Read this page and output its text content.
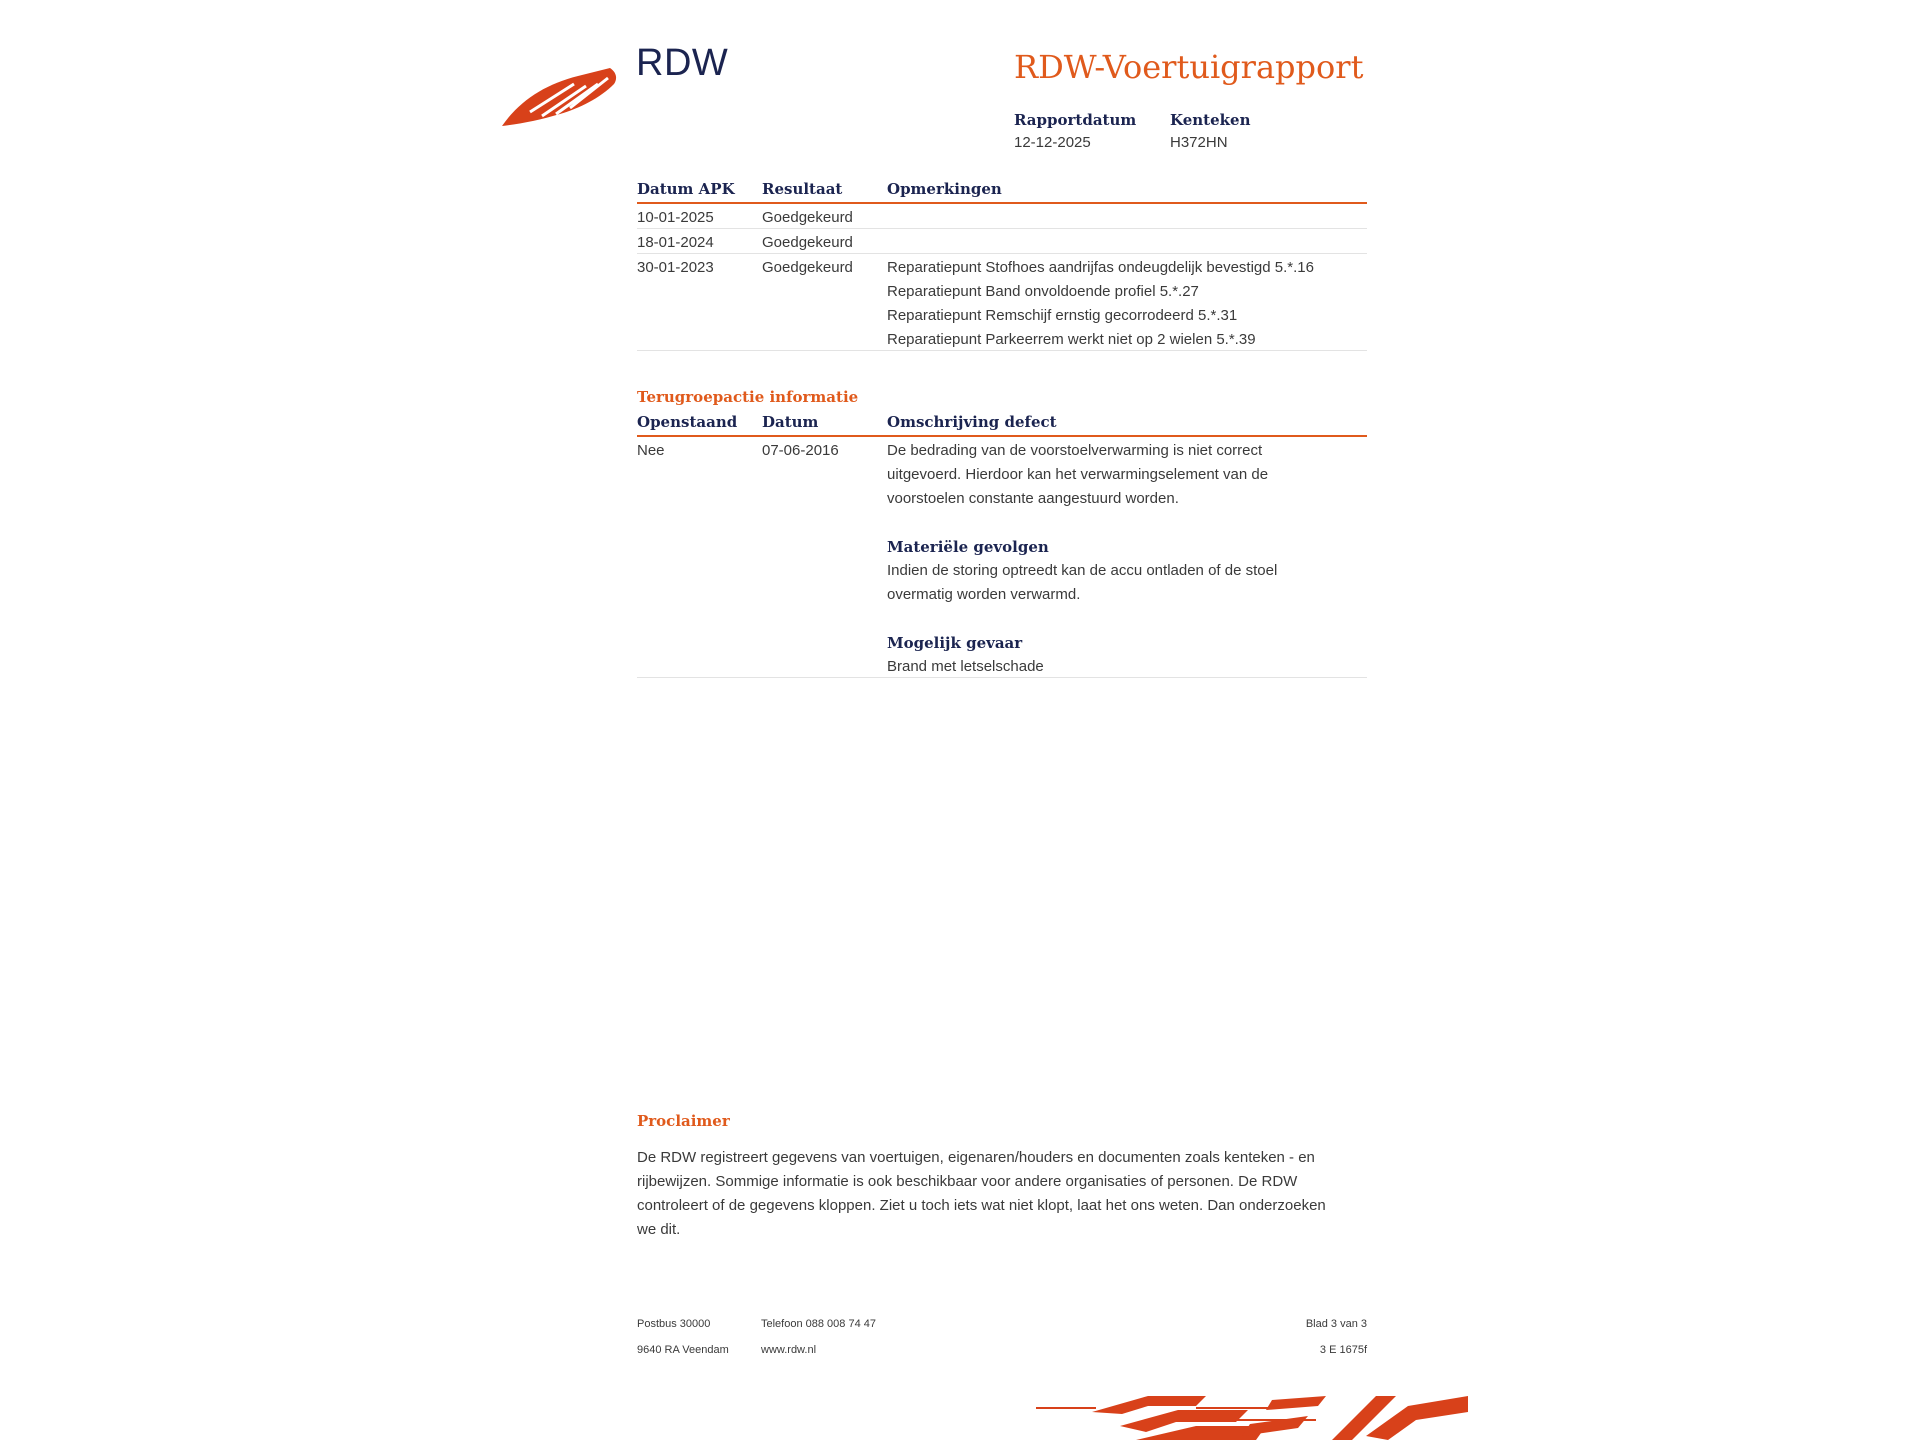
RDW	RDW-Voertuigrapport
Rapportdatum
12-12-2025
Kenteken
H372HN
Datum APK Resultaat	Opmerkingen
10-01-2025	Goedgekeurd
18-01-2024	Goedgekeurd
30-01-2023	Goedgekeurd Reparatiepunt Stofhoes aandrijfas ondeugdelijk bevestigd 5.*.16
Reparatiepunt Band onvoldoende profiel 5.*.27
Reparatiepunt Remschijf ernstig gecorrodeerd 5.*.31
Reparatiepunt Parkeerrem werkt niet op 2 wielen 5.*.39
Terugroepactie informatie
Openstaand Datum	Omschrijving defect
Nee	07-06-2016	De bedrading van de voorstoelverwarming is niet correct
uitgevoerd. Hierdoor kan het verwarmingselement van de
voorstoelen constante aangestuurd worden.
Materiële gevolgen
Indien de storing optreedt kan de accu ontladen of de stoel
overmatig worden verwarmd.
Mogelijk gevaar
Brand met letselschade
Proclaimer
De RDW registreert gegevens van voertuigen, eigenaren/houders en documenten zoals kenteken - en
rijbewijzen. Sommige informatie is ook beschikbaar voor andere organisaties of personen. De RDW
controleert of de gegevens kloppen. Ziet u toch iets wat niet klopt, laat het ons weten. Dan onderzoeken
we dit.
Postbus 30000
9640 RA Veendam
Telefoon 088 008 74 47
www.rdw.nl
Blad 3 van 3
3 E 1675f
